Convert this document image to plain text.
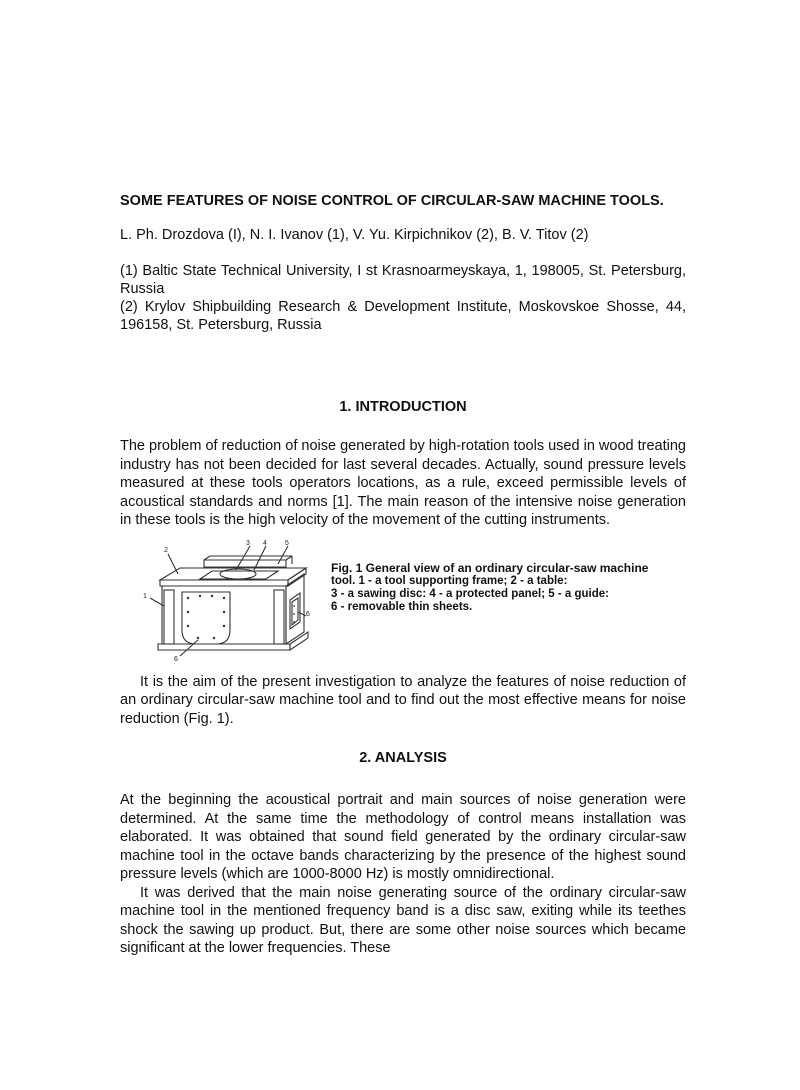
SOME FEATURES OF NOISE CONTROL OF CIRCULAR-SAW MACHINE TOOLS.
L. Ph. Drozdova (I), N. I. Ivanov (1), V. Yu. Kirpichnikov (2), B. V. Titov (2)
(1) Baltic State Technical University, I st Krasnoarmeyskaya, 1, 198005, St. Petersburg, Russia
(2) Krylov Shipbuilding Research & Development Institute, Moskovskoe Shosse, 44, 196158, St. Petersburg, Russia
1. INTRODUCTION

The problem of reduction of noise generated by high-rotation tools used in wood treating industry has not been decided for last several decades. Actually, sound pressure levels measured at these tools operators locations, as a rule, exceed permissible levels of acoustical standards and norms [1]. The main reason of the intensive noise generation in these tools is the high velocity of the movement of the cutting instruments.

2
3 4	5
1
6
6
Fig. 1 General view of an ordinary circular-saw machine
tool. 1 - a tool supporting frame; 2 - a table:
3 - a sawing disc: 4 - a protected panel; 5 - a guide:
6 - removable thin sheets.

It is the aim of the present investigation to analyze the features of noise reduction of an ordinary circular-saw machine tool and to find out the most effective means for noise reduction (Fig. 1).

2. ANALYSIS

At the beginning the acoustical portrait and main sources of noise generation were determined. At the same time the methodology of control means installation was elaborated. It was obtained that sound field generated by the ordinary circular-saw machine tool in the octave bands characterizing by the presence of the highest sound pressure levels (which are 1000-8000 Hz) is mostly omnidirectional.

It was derived that the main noise generating source of the ordinary circular-saw machine tool in the mentioned frequency band is a disc saw, exiting while its teethes shock the sawing up product. But, there are some other noise sources which became significant at the lower frequencies. These
